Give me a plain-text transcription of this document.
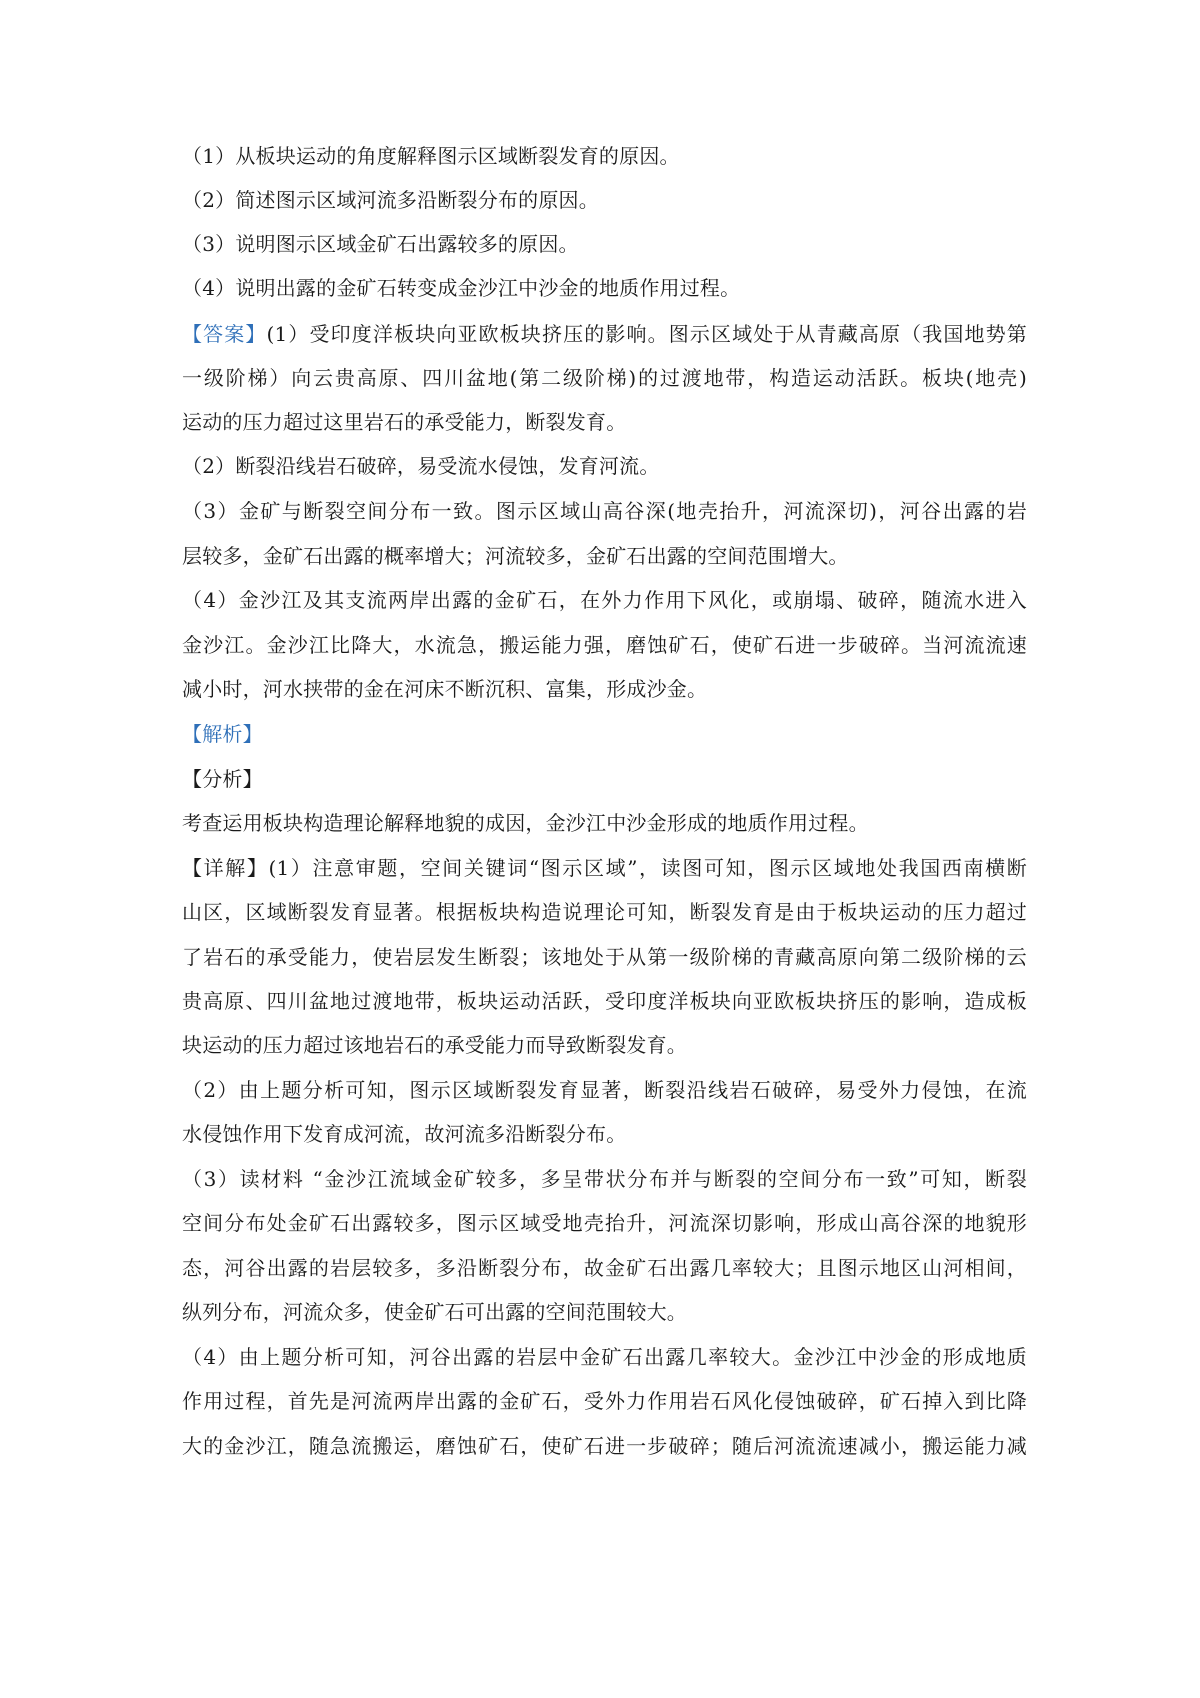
（1）从板块运动的角度解释图示区域断裂发育的原因。
（2）简述图示区域河流多沿断裂分布的原因。
（3）说明图示区域金矿石出露较多的原因。
（4）说明出露的金矿石转变成金沙江中沙金的地质作用过程。
【答案】(1）受印度洋板块向亚欧板块挤压的影响。图示区域处于从青藏高原（我国地势第
一级阶梯）向云贵高原、四川盆地(第二级阶梯)的过渡地带，构造运动活跃。板块(地壳)
运动的压力超过这里岩石的承受能力，断裂发育。
（2）断裂沿线岩石破碎，易受流水侵蚀，发育河流。
（3）金矿与断裂空间分布一致。图示区域山高谷深(地壳抬升，河流深切)，河谷出露的岩
层较多，金矿石出露的概率增大；河流较多，金矿石出露的空间范围增大。
（4）金沙江及其支流两岸出露的金矿石，在外力作用下风化，或崩塌、破碎，随流水进入
金沙江。金沙江比降大，水流急，搬运能力强，磨蚀矿石，使矿石进一步破碎。当河流流速
减小时，河水挟带的金在河床不断沉积、富集，形成沙金。
【解析】
【分析】
考查运用板块构造理论解释地貌的成因，金沙江中沙金形成的地质作用过程。
【详解】(1）注意审题，空间关键词“图示区域”，读图可知，图示区域地处我国西南横断
山区，区域断裂发育显著。根据板块构造说理论可知，断裂发育是由于板块运动的压力超过
了岩石的承受能力，使岩层发生断裂；该地处于从第一级阶梯的青藏高原向第二级阶梯的云
贵高原、四川盆地过渡地带，板块运动活跃，受印度洋板块向亚欧板块挤压的影响，造成板
块运动的压力超过该地岩石的承受能力而导致断裂发育。
（2）由上题分析可知，图示区域断裂发育显著，断裂沿线岩石破碎，易受外力侵蚀，在流
水侵蚀作用下发育成河流，故河流多沿断裂分布。
（3）读材料 “金沙江流域金矿较多，多呈带状分布并与断裂的空间分布一致”可知，断裂
空间分布处金矿石出露较多，图示区域受地壳抬升，河流深切影响，形成山高谷深的地貌形
态，河谷出露的岩层较多，多沿断裂分布，故金矿石出露几率较大；且图示地区山河相间，
纵列分布，河流众多，使金矿石可出露的空间范围较大。
（4）由上题分析可知，河谷出露的岩层中金矿石出露几率较大。金沙江中沙金的形成地质
作用过程，首先是河流两岸出露的金矿石，受外力作用岩石风化侵蚀破碎，矿石掉入到比降
大的金沙江，随急流搬运，磨蚀矿石，使矿石进一步破碎；随后河流流速减小，搬运能力减
